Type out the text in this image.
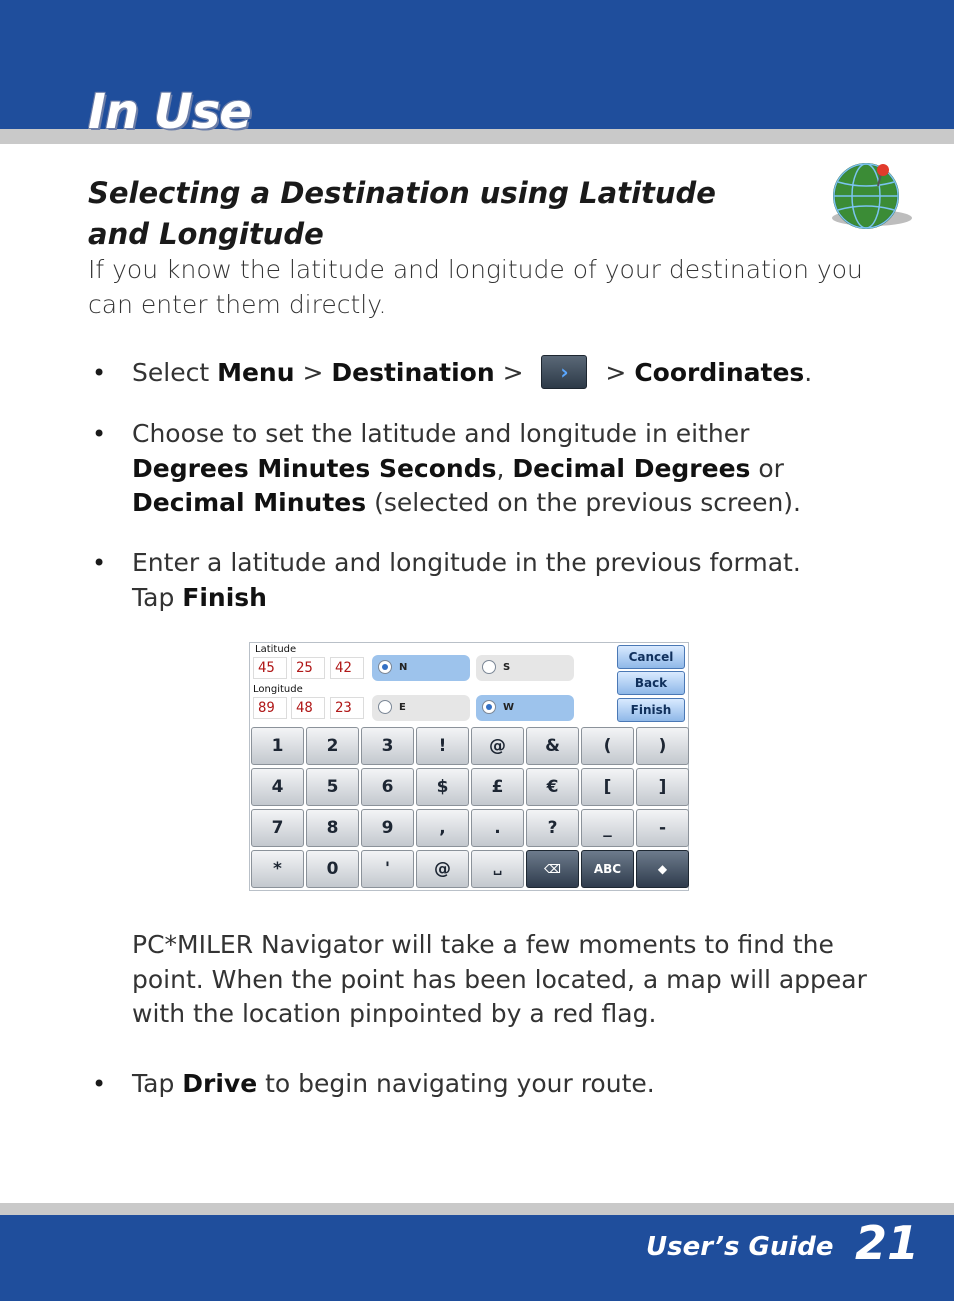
In Use
Selecting a Destination using Latitude and Longitude

If you know the latitude and longitude of your destination you can enter them directly.

•	Select Menu > Destination > › > Coordinates.

•	Choose to set the latitude and longitude in either Degrees Minutes Seconds, Decimal Degrees or Decimal Minutes (selected on the previous screen).

•	Enter a latitude and longitude in the previous format.
Tap Finish

Latitude
45	25	42
Longitude
89	48	23
N	S
E	W
Cancel
Back
Finish
1	2	3	!	@	&	(	)
4	5	6	$	£	€	[	]
7	8	9	,	.	?	_	-
*	0	'	@	␣	⌫	ABC	◆

PC*MILER Navigator will take a few moments to find the point. When the point has been located, a map will appear with the location pinpointed by a red flag.

•	Tap Drive to begin navigating your route.

User’s Guide 21
